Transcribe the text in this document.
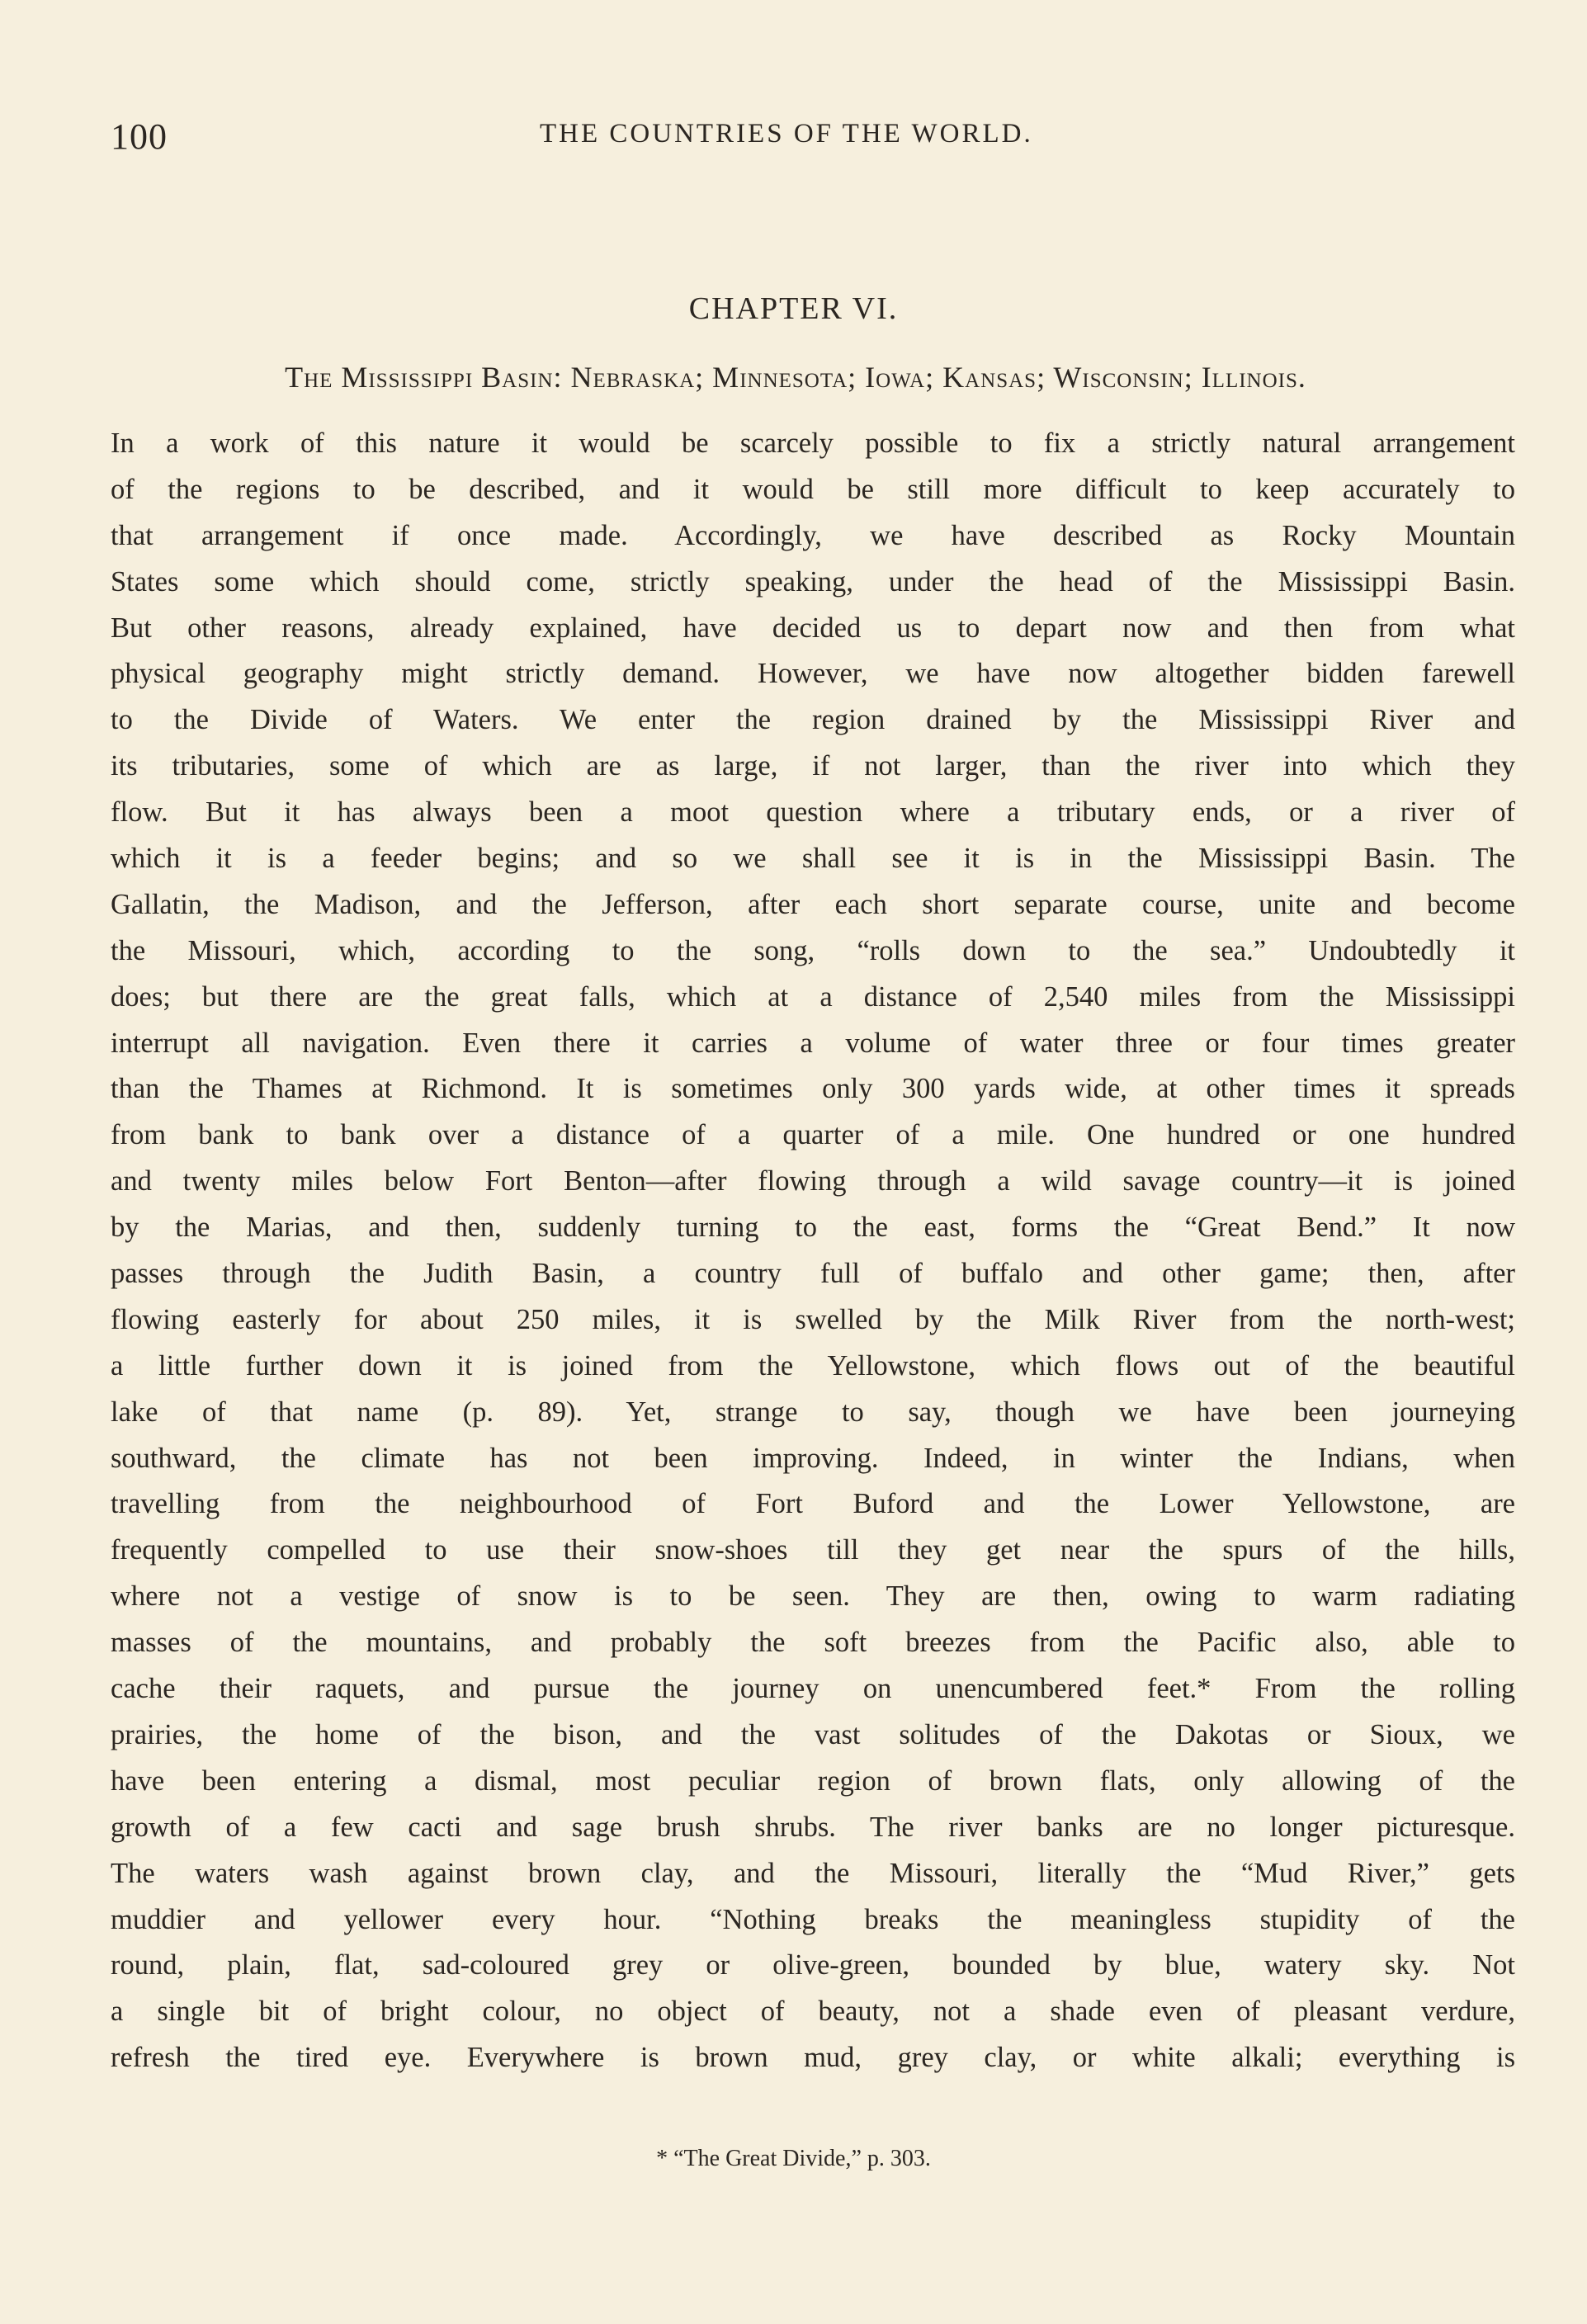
100	THE COUNTRIES OF THE WORLD.
CHAPTER VI.
The Mississippi Basin: Nebraska; Minnesota; Iowa; Kansas; Wisconsin; Illinois.
In a work of this nature it would be scarcely possible to fix a strictly natural arrangement
of the regions to be described, and it would be still more difficult to keep accurately to
that arrangement if once made. Accordingly, we have described as Rocky Mountain
States some which should come, strictly speaking, under the head of the Mississippi Basin.
But other reasons, already explained, have decided us to depart now and then from what
physical geography might strictly demand. However, we have now altogether bidden farewell
to the Divide of Waters. We enter the region drained by the Mississippi River and
its tributaries, some of which are as large, if not larger, than the river into which they
flow. But it has always been a moot question where a tributary ends, or a river of
which it is a feeder begins; and so we shall see it is in the Mississippi Basin. The
Gallatin, the Madison, and the Jefferson, after each short separate course, unite and become
the Missouri, which, according to the song, “rolls down to the sea.” Undoubtedly it
does; but there are the great falls, which at a distance of 2,540 miles from the Mississippi
interrupt all navigation. Even there it carries a volume of water three or four times greater
than the Thames at Richmond. It is sometimes only 300 yards wide, at other times it spreads
from bank to bank over a distance of a quarter of a mile. One hundred or one hundred
and twenty miles below Fort Benton—after flowing through a wild savage country—it is joined
by the Marias, and then, suddenly turning to the east, forms the “Great Bend.” It now
passes through the Judith Basin, a country full of buffalo and other game; then, after
flowing easterly for about 250 miles, it is swelled by the Milk River from the north-west;
a little further down it is joined from the Yellowstone, which flows out of the beautiful
lake of that name (p. 89). Yet, strange to say, though we have been journeying
southward, the climate has not been improving. Indeed, in winter the Indians, when
travelling from the neighbourhood of Fort Buford and the Lower Yellowstone, are
frequently compelled to use their snow-shoes till they get near the spurs of the hills,
where not a vestige of snow is to be seen. They are then, owing to warm radiating
masses of the mountains, and probably the soft breezes from the Pacific also, able to
cache their raquets, and pursue the journey on unencumbered feet.* From the rolling
prairies, the home of the bison, and the vast solitudes of the Dakotas or Sioux, we
have been entering a dismal, most peculiar region of brown flats, only allowing of the
growth of a few cacti and sage brush shrubs. The river banks are no longer picturesque.
The waters wash against brown clay, and the Missouri, literally the “Mud River,” gets
muddier and yellower every hour. “Nothing breaks the meaningless stupidity of the
round, plain, flat, sad-coloured grey or olive-green, bounded by blue, watery sky. Not
a single bit of bright colour, no object of beauty, not a shade even of pleasant verdure,
refresh the tired eye. Everywhere is brown mud, grey clay, or white alkali; everything is
* “The Great Divide,” p. 303.
